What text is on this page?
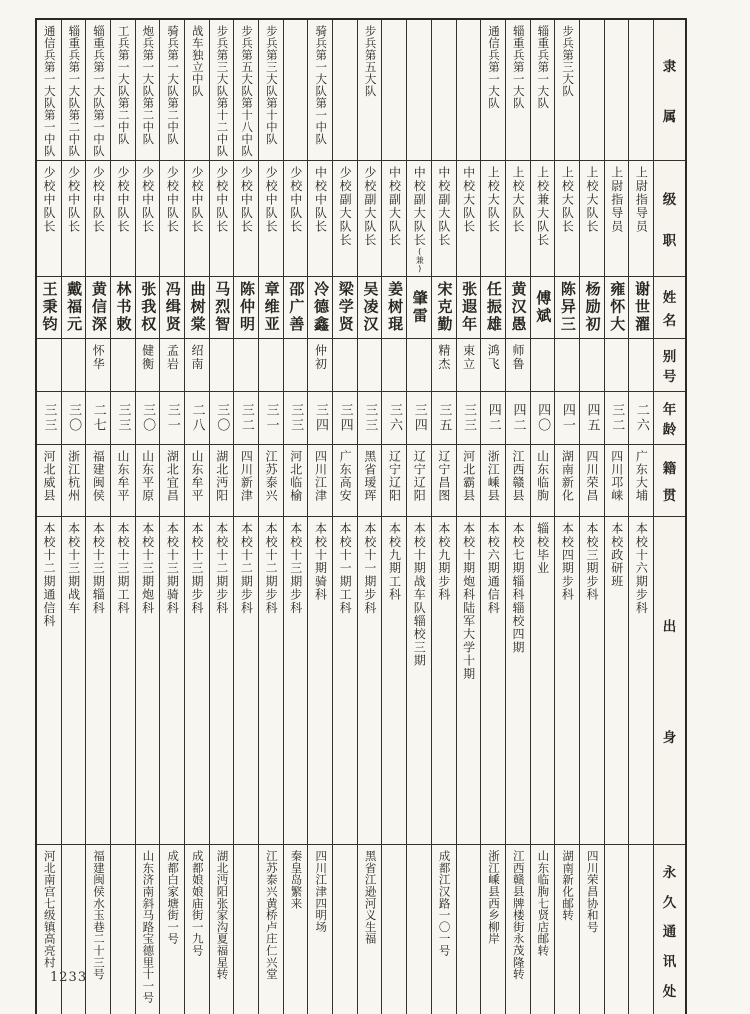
隶
属				步兵第三大队	辎重兵第一大队	辎重兵第一大队	通信兵第一大队					步兵第五大队		骑兵第一大队第一中队		步兵第三大队第十中队	步兵第五大队第十八中队	步兵第三大队第十二中队	战车独立中队	骑兵第一大队第二中队	炮兵第一大队第二中队	工兵第一大队第二中队	辎重兵第一大队第一中队	辎重兵第一大队第二中队	通信兵第一大队第一中队

级
职	上尉指导员	上尉指导员	上校大队长	上校大队长	上校兼大队长	上校大队长	上校大队长	中校大队长	中校副大队长	中校副大队长(兼)	中校副大队长	少校副大队长	少校副大队长	中校中队长	少校中队长	少校中队长	少校中队长	少校中队长	少校中队长	少校中队长	少校中队长	少校中队长	少校中队长	少校中队长	少校中队长

姓
名	谢世濯	雍怀大	杨励初	陈异三	傅斌	黄汉愚	任振雄	张遐年	宋克勤	肇雷	姜树琨	吴凌汉	梁学贤	冷德鑫	邵广善	章维亚	陈仲明	马烈智	曲树棠	冯缉贤	张我权	林书敕	黄信深	戴福元	王秉钧

别
号						师鲁	鸿飞	束立	精杰					仲初					绍南	孟岩	健衡		怀华		

年
龄	二六	三二	四五	四一	四〇	四二	四二	三三	三五	三四	三六	三三	三四	三四	三三	三一	三二	三〇	二八	三一	三〇	三三	二七	三〇	三三

籍
贯	广东大埔	四川邛崃	四川荣昌	湖南新化	山东临朐	江西赣县	浙江嵊县	河北霸县	辽宁昌图	辽宁辽阳	辽宁辽阳	黑省瑷珲	广东高安	四川江津	河北临榆	江苏泰兴	四川新津	湖北沔阳	山东牟平	湖北宜昌	山东平原	山东牟平	福建闽侯	浙江杭州	河北威县

出
身	本校十六期步科	本校政研班	本校三期步科	本校四期步科	辎校毕业	本校七期辎科辎校四期	本校六期通信科	本校十期炮科陆军大学十期	本校九期步科	本校十期战车队辎校三期	本校九期工科	本校十一期步科	本校十一期工科	本校十期骑科	本校十三期步科	本校十二期步科	本校十二期步科	本校十二期步科	本校十三期步科	本校十三期骑科	本校十三期炮科	本校十三期工科	本校十三期辎科	本校十三期战车	本校十二期通信科

永
久
通
讯
处			四川荣昌协和号	湖南新化邮转	山东临朐七贤店邮转	江西赣县牌楼街永茂隆转	浙江嵊县西乡柳岸		成都江汉路一〇一号			黑省江逊河义生福		四川江津四明场	秦皇岛繁来	江苏泰兴黄桥卢庄仁兴堂		湖北沔阳张家沟夏福星转	成都娘娘庙街一九号	成都白家塘街一号	山东济南斜马路宝德里十一号		福建闽侯水玉巷二十三号		河北南宫七级镇高亮村
1233
